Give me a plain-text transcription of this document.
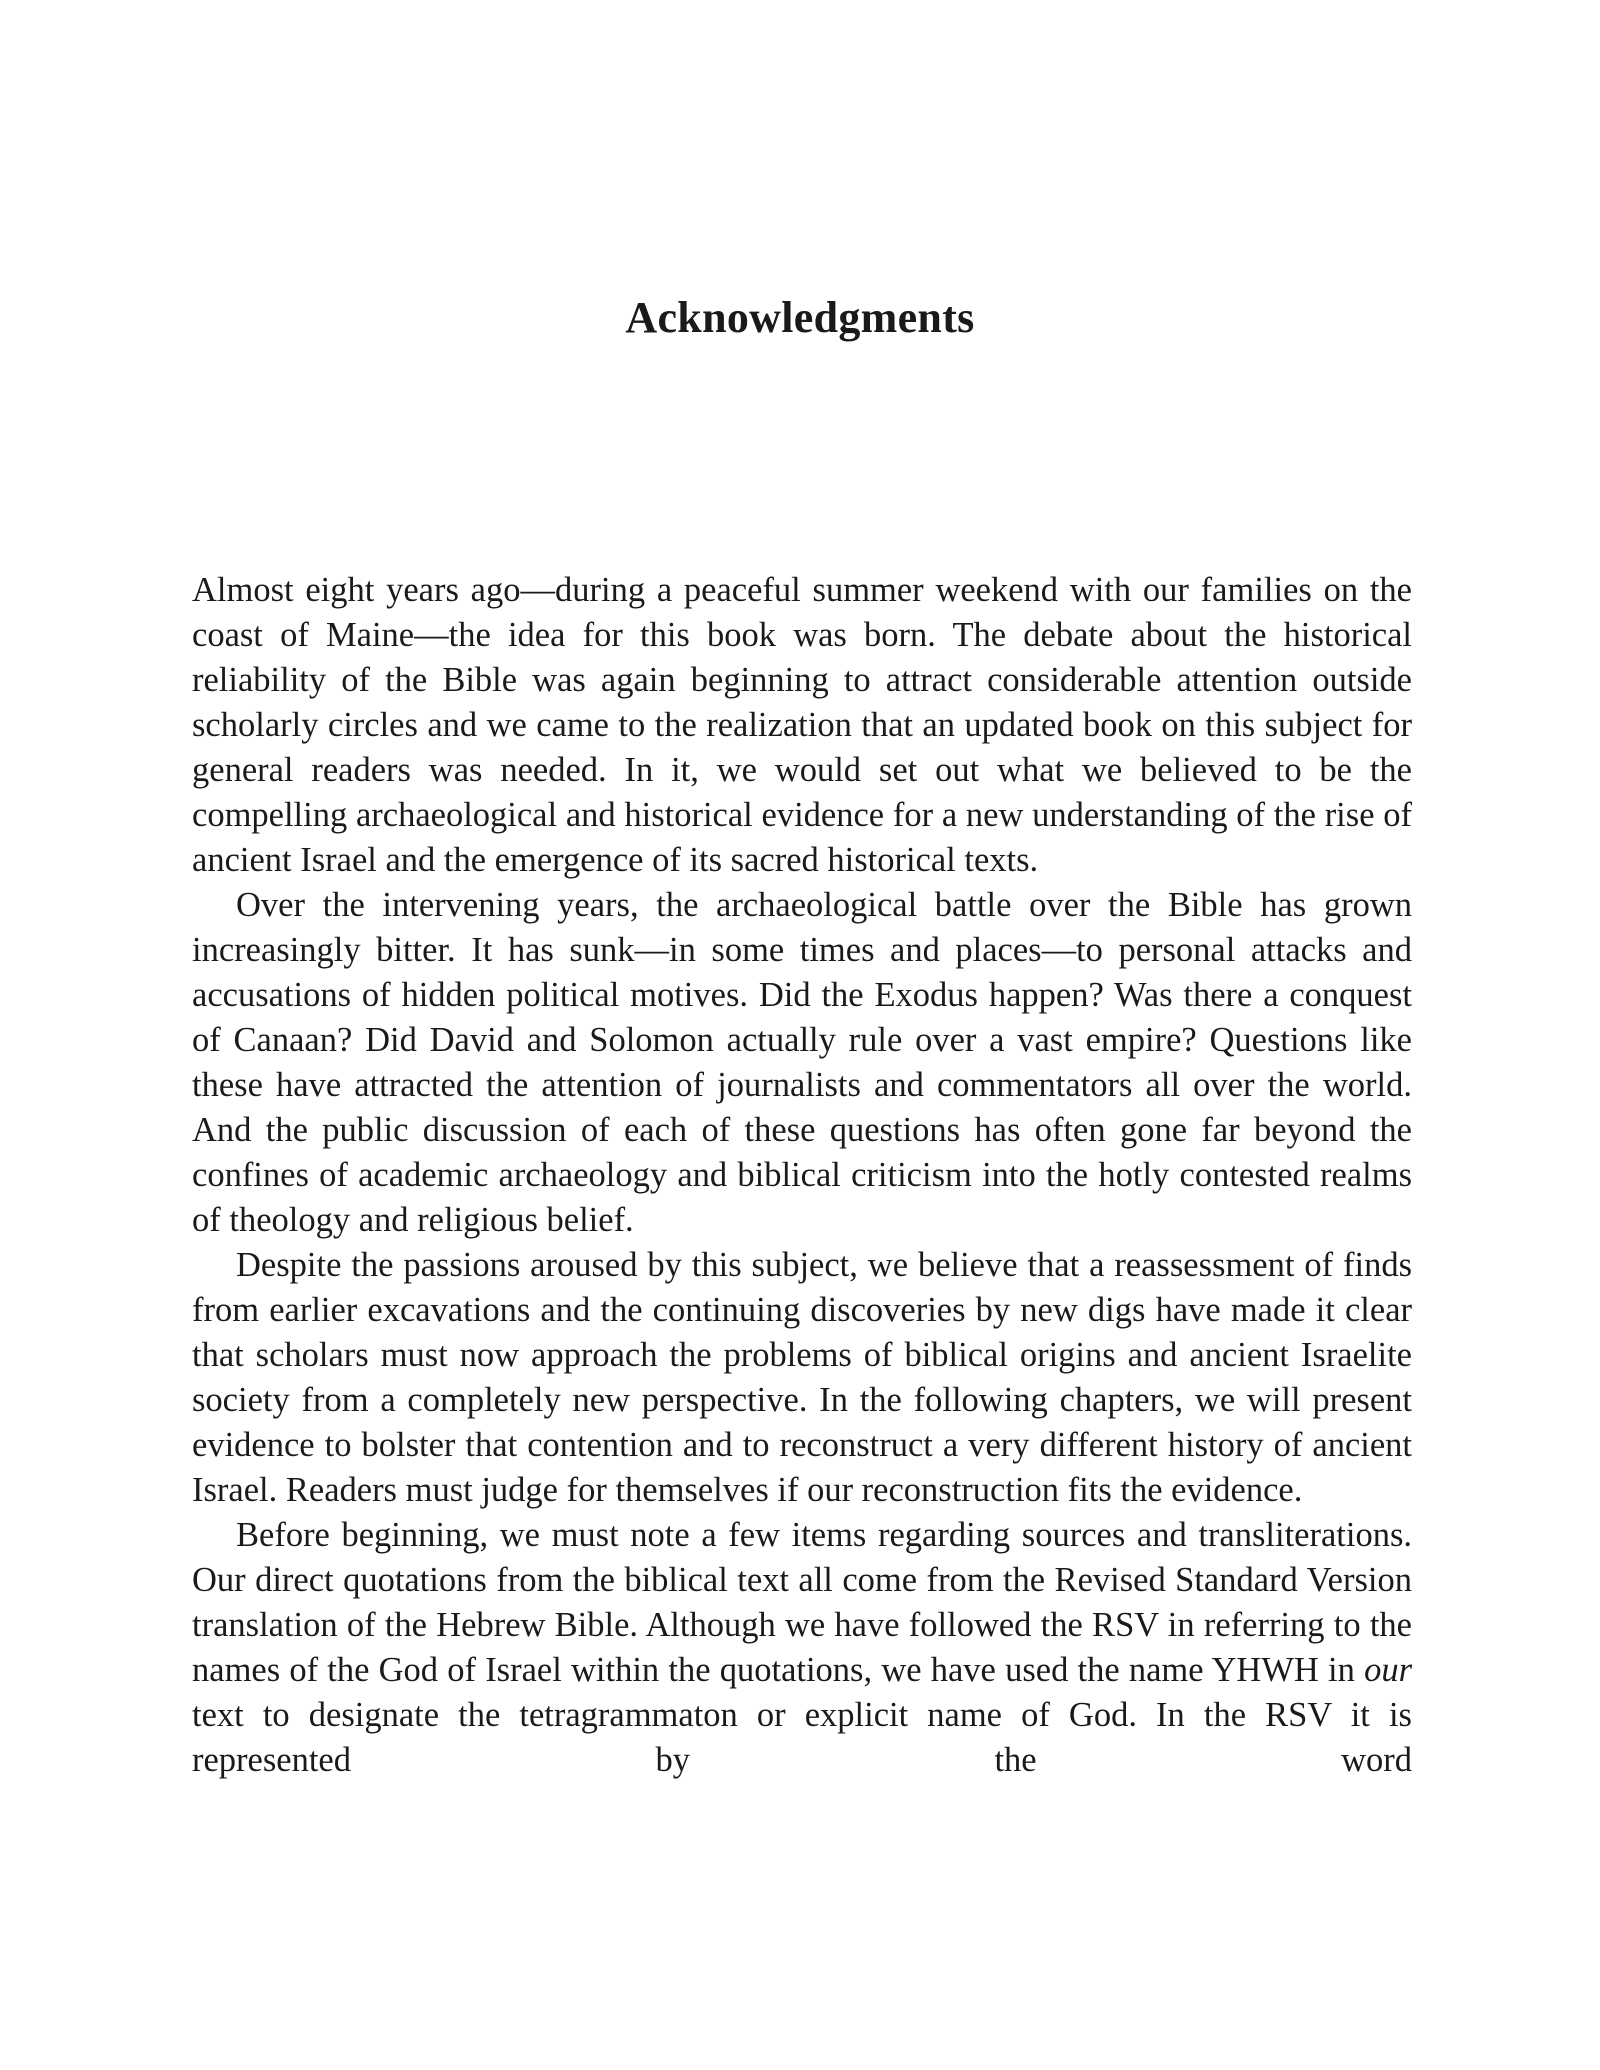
Acknowledgments

Almost eight years ago—during a peaceful summer weekend with our families on the coast of Maine—the idea for this book was born. The debate about the historical reliability of the Bible was again beginning to attract considerable attention outside scholarly circles and we came to the realization that an updated book on this subject for general readers was needed. In it, we would set out what we believed to be the compelling archaeological and historical evidence for a new understanding of the rise of ancient Israel and the emergence of its sacred historical texts.

Over the intervening years, the archaeological battle over the Bible has grown increasingly bitter. It has sunk—in some times and places—to personal attacks and accusations of hidden political motives. Did the Exodus happen? Was there a conquest of Canaan? Did David and Solomon actually rule over a vast empire? Questions like these have attracted the attention of journalists and commentators all over the world. And the public discussion of each of these questions has often gone far beyond the confines of academic archaeology and biblical criticism into the hotly contested realms of theology and religious belief.

Despite the passions aroused by this subject, we believe that a reassessment of finds from earlier excavations and the continuing discoveries by new digs have made it clear that scholars must now approach the problems of biblical origins and ancient Israelite society from a completely new perspective. In the following chapters, we will present evidence to bolster that contention and to reconstruct a very different history of ancient Israel. Readers must judge for themselves if our reconstruction fits the evidence.

Before beginning, we must note a few items regarding sources and transliterations. Our direct quotations from the biblical text all come from the Revised Standard Version translation of the Hebrew Bible. Although we have followed the RSV in referring to the names of the God of Israel within the quotations, we have used the name YHWH in our text to designate the tetragrammaton or explicit name of God. In the RSV it is represented by the word
